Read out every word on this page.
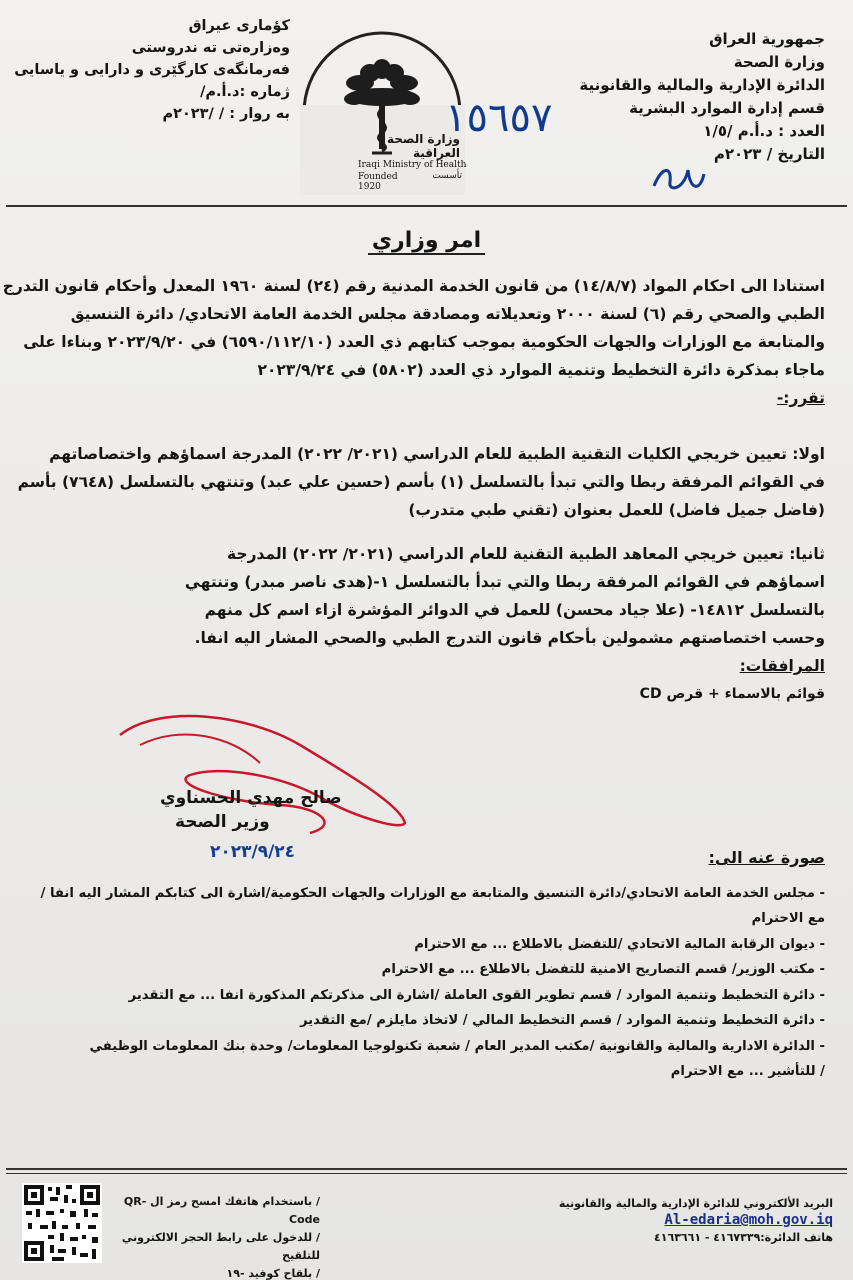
جمهورية العراق
وزارة الصحة
الدائرة الإدارية والمالية والقانونية
قسم إدارة الموارد البشرية
العدد : د.أ.م /١/٥
التاريخ / ٢٠٢٣م
كؤمارى عيراق
وەزارەتی تە ندروستی
فەرمانگەی کارگێری و دارایی و یاسایی
ژمارە :د.أ.م/
بە روار : / /٢٠٢٣م
وزارة الصحة العراقية
Iraqi Ministry of Health
Founded 1920
تأسست
١٥٦٥٧
امر وزاري
استنادا الى احكام المواد (١٤/٨/٧) من قانون الخدمة المدنية رقم (٢٤) لسنة ١٩٦٠ المعدل وأحكام قانون التدرج
الطبي والصحي رقم (٦) لسنة ٢٠٠٠ وتعديلاته ومصادقة مجلس الخدمة العامة الاتحادي/ دائرة التنسيق
والمتابعة مع الوزارات والجهات الحكومية بموجب كتابهم ذي العدد (٦٥٩٠/١١٢/١٠) في ٢٠٢٣/٩/٢٠ وبناءا على
ماجاء بمذكرة دائرة التخطيط وتنمية الموارد ذي العدد (٥٨٠٢) في ٢٠٢٣/٩/٢٤
تقرر:-
اولا: تعيين خريجي الكليات التقنية الطبية للعام الدراسي (٢٠٢١/ ٢٠٢٢) المدرجة اسماؤهم واختصاصاتهم
في القوائم المرفقة ربطا والتي تبدأ بالتسلسل (١) بأسم (حسين علي عبد) وتنتهي بالتسلسل (٧٦٤٨) بأسم
(فاضل جميل فاضل) للعمل بعنوان (تقني طبي متدرب)
ثانيا: تعيين خريجي المعاهد الطبية التقنية للعام الدراسي (٢٠٢١/ ٢٠٢٢) المدرجة
اسماؤهم في القوائم المرفقة ربطا والتي تبدأ بالتسلسل ١-(هدى ناصر مبدر) وتنتهي
بالتسلسل ١٤٨١٢- (علا جياد محسن) للعمل في الدوائر المؤشرة ازاء اسم كل منهم
وحسب اختصاصتهم مشمولين بأحكام قانون التدرج الطبي والصحي المشار اليه انفا.
المرافقات:
قوائم بالاسماء + قرص CD
صالح مهدي الحسناوي
وزير الصحة
٢٠٢٣/٩/٢٤	صورة عنه الى:
- مجلس الخدمة العامة الاتحادي/دائرة التنسيق والمتابعة مع الوزارات والجهات الحكومية/اشارة الى كتابكم المشار اليه انفا /
مع الاحترام
- ديوان الرقابة المالية الاتحادي /للتفضل بالاطلاع ... مع الاحترام
- مكتب الوزير/ قسم التصاريح الامنية للتفضل بالاطلاع ... مع الاحترام
- دائرة التخطيط وتنمية الموارد / قسم تطوير القوى العاملة /اشارة الى مذكرتكم المذكورة انفا ... مع التقدير
- دائرة التخطيط وتنمية الموارد / قسم التخطيط المالي / لاتخاذ مايلزم /مع التقدير
- الدائرة الادارية والمالية والقانونية /مكتب المدير العام / شعبة تكنولوجيا المعلومات/ وحدة بنك المعلومات الوظيفي
/ للتأشير ... مع الاحترام
البريد الألكتروني للدائرة الإدارية والمالية والقانونية
Al-edaria@moh.gov.iq
هاتف الدائرة:٤١٦٧٣٣٩ - ٤١٦٣٦٦١
/ باستخدام هاتفك امسح رمز ال QR-Code
/ للدخول على رابط الحجز الالكتروني للتلقيح
/ بلقاح كوفيد -١٩
